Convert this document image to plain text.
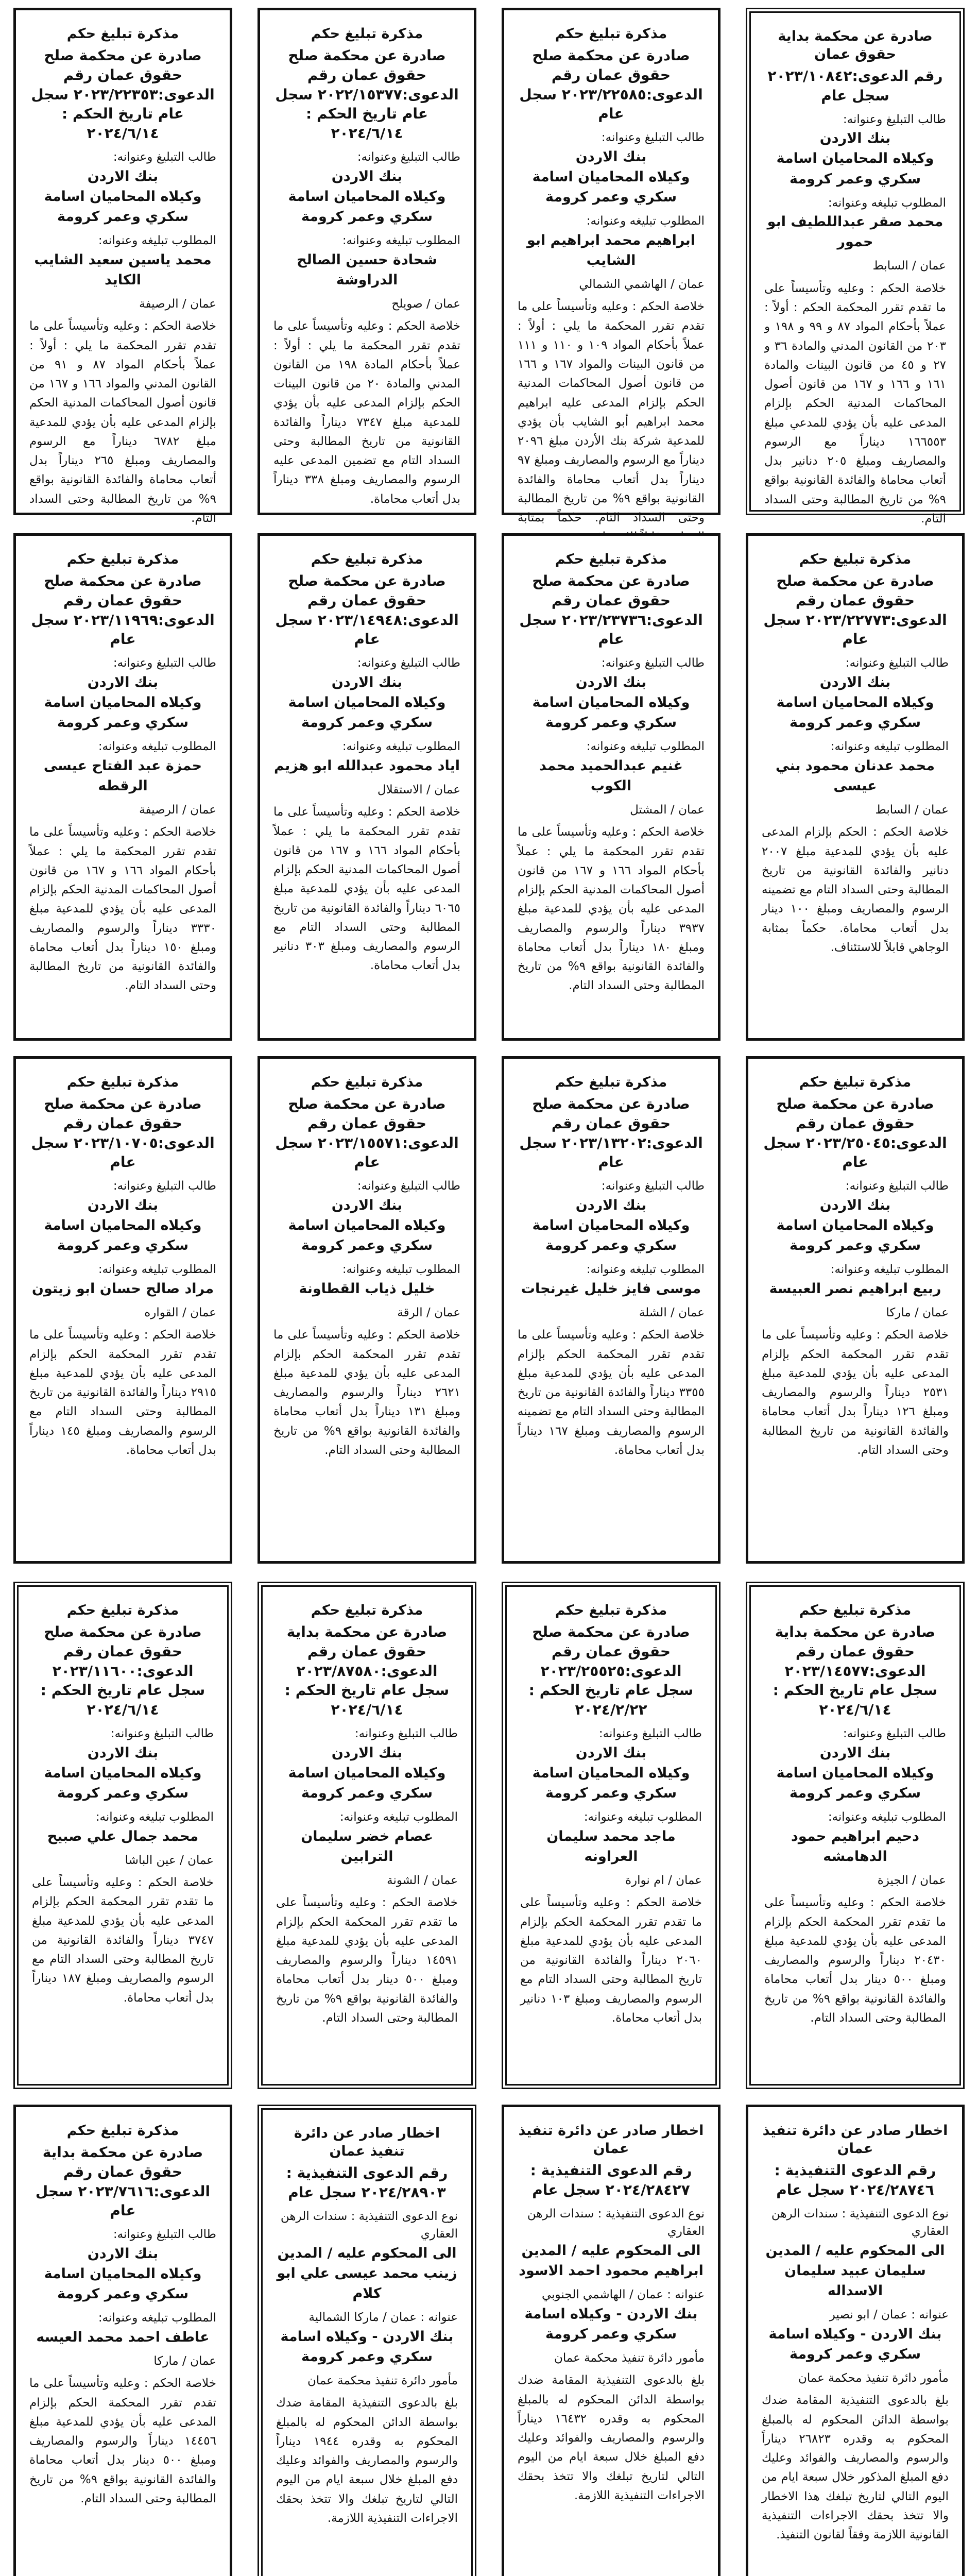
صادرة عن محكمة بداية حقوق عمان
رقم الدعوى:٢٠٢٣/١٠٨٤٢ سجل عام
طالب التبليغ وعنوانه:
بنك الاردن
وكيلاه المحاميان اسامة سكري وعمر كرومة
المطلوب تبليغه وعنوانه:
محمد صقر عبداللطيف ابو حمور
عمان / السابط
خلاصة الحكم : وعليه وتأسيساً على ما تقدم تقرر المحكمة الحكم : أولاً : عملاً بأحكام المواد ٨٧ و ٩٩ و ١٩٨ و ٢٠٣ من القانون المدني والمادة ٣٦ و ٢٧ و ٤٥ من قانون البينات والمادة ١٦١ و ١٦٦ و ١٦٧ من قانون أصول المحاكمات المدنية الحكم بإلزام المدعى عليه بأن يؤدي للمدعي مبلغ ١٦٦٥٥٣ ديناراً مع الرسوم والمصاريف ومبلغ ٢٠٥ دنانير بدل أتعاب محاماة والفائدة القانونية بواقع ٩% من تاريخ المطالبة وحتى السداد التام.
مذكرة تبليغ حكم
صادرة عن محكمة صلح حقوق عمان رقم الدعوى:٢٠٢٣/٢٢٥٨٥ سجل عام
طالب التبليغ وعنوانه:
بنك الاردن
وكيلاه المحاميان اسامة سكري وعمر كرومة
المطلوب تبليغه وعنوانه:
ابراهيم محمد ابراهيم ابو الشايب
عمان / الهاشمي الشمالي
خلاصة الحكم : وعليه وتأسيساً على ما تقدم تقرر المحكمة ما يلي : أولاً : عملاً بأحكام المواد ١٠٩ و ١١٠ و ١١١ من قانون البينات والمواد ١٦٧ و ١٦٦ من قانون أصول المحاكمات المدنية الحكم بإلزام المدعى عليه ابراهيم محمد ابراهيم أبو الشايب بأن يؤدي للمدعية شركة بنك الأردن مبلغ ٢٠٩٦ ديناراً مع الرسوم والمصاريف ومبلغ ٩٧ ديناراً بدل أتعاب محاماة والفائدة القانونية بواقع ٩% من تاريخ المطالبة وحتى السداد التام. حكماً بمثابة
مذكرة تبليغ حكم
صادرة عن محكمة صلح حقوق عمان رقم الدعوى:٢٠٢٢/١٥٣٧٧ سجل عام تاريخ الحكم : ٢٠٢٤/٦/١٤
طالب التبليغ وعنوانه:
بنك الاردن
وكيلاه المحاميان اسامة سكري وعمر كرومة
المطلوب تبليغه وعنوانه:
شحادة حسين الصالح الدراوشة
عمان / صويلح
خلاصة الحكم : وعليه وتأسيساً على ما تقدم تقرر المحكمة ما يلي : أولاً : عملاً بأحكام المادة ١٩٨ من القانون المدني والمادة ٢٠ من قانون البينات الحكم بإلزام المدعى عليه بأن يؤدي للمدعية مبلغ ٧٣٤٧ ديناراً والفائدة القانونية من تاريخ المطالبة وحتى السداد التام مع تضمين المدعى عليه الرسوم والمصاريف ومبلغ ٣٣٨ ديناراً بدل أتعاب محاماة.
مذكرة تبليغ حكم
صادرة عن محكمة صلح حقوق عمان رقم الدعوى:٢٠٢٣/٢٢٣٥٣ سجل عام تاريخ الحكم : ٢٠٢٤/٦/١٤
طالب التبليغ وعنوانه:
بنك الاردن
وكيلاه المحاميان اسامة سكري وعمر كرومة
المطلوب تبليغه وعنوانه:
محمد ياسين سعيد الشايب الكايد
عمان / الرصيفة
خلاصة الحكم : وعليه وتأسيساً على ما تقدم تقرر المحكمة ما يلي : أولاً : عملاً بأحكام المواد ٨٧ و ٩١ من القانون المدني والمواد ١٦٦ و ١٦٧ من قانون أصول المحاكمات المدنية الحكم بإلزام المدعى عليه بأن يؤدي للمدعية مبلغ ٦٧٨٢ ديناراً مع الرسوم والمصاريف ومبلغ ٢٦٥ ديناراً بدل أتعاب محاماة والفائدة القانونية بواقع ٩% من تاريخ المطالبة وحتى السداد التام.
مذكرة تبليغ حكم
صادرة عن محكمة صلح حقوق عمان رقم الدعوى:٢٠٢٣/٢٢٧٧٣ سجل عام
طالب التبليغ وعنوانه:
بنك الاردن
وكيلاه المحاميان اسامة سكري وعمر كرومة
المطلوب تبليغه وعنوانه:
محمد عدنان محمود بني عيسى
عمان / السابط
خلاصة الحكم : الحكم بإلزام المدعى عليه بأن يؤدي للمدعية مبلغ ٢٠٠٧ دنانير والفائدة القانونية من تاريخ المطالبة وحتى السداد التام مع تضمينه الرسوم والمصاريف ومبلغ ١٠٠ دينار بدل أتعاب محاماة. حكماً بمثابة الوجاهي قابلاً للاستئناف.
مذكرة تبليغ حكم
صادرة عن محكمة صلح حقوق عمان رقم الدعوى:٢٠٢٣/٢٣٧٣٦ سجل عام
طالب التبليغ وعنوانه:
بنك الاردن
وكيلاه المحاميان اسامة سكري وعمر كرومة
المطلوب تبليغه وعنوانه:
غنيم عبدالحميد محمد الكوب
عمان / المشتل
خلاصة الحكم : وعليه وتأسيساً على ما تقدم تقرر المحكمة ما يلي : عملاً بأحكام المواد ١٦٦ و ١٦٧ من قانون أصول المحاكمات المدنية الحكم بإلزام المدعى عليه بأن يؤدي للمدعية مبلغ ٣٩٣٧ ديناراً والرسوم والمصاريف ومبلغ ١٨٠ ديناراً بدل أتعاب محاماة والفائدة القانونية بواقع ٩% من تاريخ المطالبة وحتى السداد التام.
مذكرة تبليغ حكم
صادرة عن محكمة صلح حقوق عمان رقم الدعوى:٢٠٢٣/١٤٩٤٨ سجل عام
طالب التبليغ وعنوانه:
بنك الاردن
وكيلاه المحاميان اسامة سكري وعمر كرومة
المطلوب تبليغه وعنوانه:
اياد محمود عبدالله ابو هزيم
عمان / الاستقلال
خلاصة الحكم : وعليه وتأسيساً على ما تقدم تقرر المحكمة ما يلي : عملاً بأحكام المواد ١٦٦ و ١٦٧ من قانون أصول المحاكمات المدنية الحكم بإلزام المدعى عليه بأن يؤدي للمدعية مبلغ ٦٠٦٥ ديناراً والفائدة القانونية من تاريخ المطالبة وحتى السداد التام مع الرسوم والمصاريف ومبلغ ٣٠٣ دنانير بدل أتعاب محاماة.
مذكرة تبليغ حكم
صادرة عن محكمة صلح حقوق عمان رقم الدعوى:٢٠٢٣/١١٩٦٩ سجل عام
طالب التبليغ وعنوانه:
بنك الاردن
وكيلاه المحاميان اسامة سكري وعمر كرومة
المطلوب تبليغه وعنوانه:
حمزة عبد الفتاح عيسى الرقطه
عمان / الرصيفة
خلاصة الحكم : وعليه وتأسيساً على ما تقدم تقرر المحكمة ما يلي : عملاً بأحكام المواد ١٦٦ و ١٦٧ من قانون أصول المحاكمات المدنية الحكم بإلزام المدعى عليه بأن يؤدي للمدعية مبلغ ٣٣٣٠ ديناراً والرسوم والمصاريف ومبلغ ١٥٠ ديناراً بدل أتعاب محاماة والفائدة القانونية من تاريخ المطالبة وحتى السداد التام.
مذكرة تبليغ حكم
صادرة عن محكمة صلح حقوق عمان رقم الدعوى:٢٠٢٣/٢٥٠٤٥ سجل عام
طالب التبليغ وعنوانه:
بنك الاردن
وكيلاه المحاميان اسامة سكري وعمر كرومة
المطلوب تبليغه وعنوانه:
ربيع ابراهيم نصر العبيسة
عمان / ماركا
خلاصة الحكم : وعليه وتأسيساً على ما تقدم تقرر المحكمة الحكم بإلزام المدعى عليه بأن يؤدي للمدعية مبلغ ٢٥٣١ ديناراً والرسوم والمصاريف ومبلغ ١٢٦ ديناراً بدل أتعاب محاماة والفائدة القانونية من تاريخ المطالبة وحتى السداد التام.
مذكرة تبليغ حكم
صادرة عن محكمة صلح حقوق عمان رقم الدعوى:٢٠٢٣/١٣٢٠٢ سجل عام
طالب التبليغ وعنوانه:
بنك الاردن
وكيلاه المحاميان اسامة سكري وعمر كرومة
المطلوب تبليغه وعنوانه:
موسى فايز خليل غيرنجات
عمان / الشلة
خلاصة الحكم : وعليه وتأسيساً على ما تقدم تقرر المحكمة الحكم بإلزام المدعى عليه بأن يؤدي للمدعية مبلغ ٣٣٥٥ ديناراً والفائدة القانونية من تاريخ المطالبة وحتى السداد التام مع تضمينه الرسوم والمصاريف ومبلغ ١٦٧ ديناراً بدل أتعاب محاماة.
مذكرة تبليغ حكم
صادرة عن محكمة صلح حقوق عمان رقم الدعوى:٢٠٢٣/١٥٥٧١ سجل عام
طالب التبليغ وعنوانه:
بنك الاردن
وكيلاه المحاميان اسامة سكري وعمر كرومة
المطلوب تبليغه وعنوانه:
خليل ذياب القطاونة
عمان / الرقة
خلاصة الحكم : وعليه وتأسيساً على ما تقدم تقرر المحكمة الحكم بإلزام المدعى عليه بأن يؤدي للمدعية مبلغ ٢٦٢١ ديناراً والرسوم والمصاريف ومبلغ ١٣١ ديناراً بدل أتعاب محاماة والفائدة القانونية بواقع ٩% من تاريخ المطالبة وحتى السداد التام.
مذكرة تبليغ حكم
صادرة عن محكمة صلح حقوق عمان رقم الدعوى:٢٠٢٣/١٠٧٠٥ سجل عام
طالب التبليغ وعنوانه:
بنك الاردن
وكيلاه المحاميان اسامة سكري وعمر كرومة
المطلوب تبليغه وعنوانه:
مراد صالح حسان ابو زيتون
عمان / القواره
خلاصة الحكم : وعليه وتأسيساً على ما تقدم تقرر المحكمة الحكم بإلزام المدعى عليه بأن يؤدي للمدعية مبلغ ٢٩١٥ ديناراً والفائدة القانونية من تاريخ المطالبة وحتى السداد التام مع الرسوم والمصاريف ومبلغ ١٤٥ ديناراً بدل أتعاب محاماة.
مذكرة تبليغ حكم
صادرة عن محكمة بداية حقوق عمان رقم الدعوى:٢٠٢٣/١٤٥٧٧ سجل عام تاريخ الحكم : ٢٠٢٤/٦/١٤
طالب التبليغ وعنوانه:
بنك الاردن
وكيلاه المحاميان اسامة سكري وعمر كرومة
المطلوب تبليغه وعنوانه:
دحيم ابراهيم حمود الدهامشه
عمان / الجيزة
خلاصة الحكم : وعليه وتأسيساً على ما تقدم تقرر المحكمة الحكم بإلزام المدعى عليه بأن يؤدي للمدعية مبلغ ٢٠٤٣٠ ديناراً والرسوم والمصاريف ومبلغ ٥٠٠ دينار بدل أتعاب محاماة والفائدة القانونية بواقع ٩% من تاريخ المطالبة وحتى السداد التام.
مذكرة تبليغ حكم
صادرة عن محكمة صلح حقوق عمان رقم الدعوى:٢٠٢٣/٢٥٥٢٥ سجل عام تاريخ الحكم : ٢٠٢٤/٢/٢٢
طالب التبليغ وعنوانه:
بنك الاردن
وكيلاه المحاميان اسامة سكري وعمر كرومة
المطلوب تبليغه وعنوانه:
ماجد محمد سليمان العراونه
عمان / ام نوارة
خلاصة الحكم : وعليه وتأسيساً على ما تقدم تقرر المحكمة الحكم بإلزام المدعى عليه بأن يؤدي للمدعية مبلغ ٢٠٦٠ ديناراً والفائدة القانونية من تاريخ المطالبة وحتى السداد التام مع الرسوم والمصاريف ومبلغ ١٠٣ دنانير بدل أتعاب محاماة.
مذكرة تبليغ حكم
صادرة عن محكمة بداية حقوق عمان رقم الدعوى:٢٠٢٣/٨٧٥٨٠ سجل عام تاريخ الحكم : ٢٠٢٤/٦/١٤
طالب التبليغ وعنوانه:
بنك الاردن
وكيلاه المحاميان اسامة سكري وعمر كرومة
المطلوب تبليغه وعنوانه:
عصام خضر سليمان الترابين
عمان / الشونة
خلاصة الحكم : وعليه وتأسيساً على ما تقدم تقرر المحكمة الحكم بإلزام المدعى عليه بأن يؤدي للمدعية مبلغ ١٤٥٩١ ديناراً والرسوم والمصاريف ومبلغ ٥٠٠ دينار بدل أتعاب محاماة والفائدة القانونية بواقع ٩% من تاريخ المطالبة وحتى السداد التام.
مذكرة تبليغ حكم
صادرة عن محكمة صلح حقوق عمان رقم الدعوى:٢٠٢٣/١١٦٠٠ سجل عام تاريخ الحكم : ٢٠٢٤/٦/١٤
طالب التبليغ وعنوانه:
بنك الاردن
وكيلاه المحاميان اسامة سكري وعمر كرومة
المطلوب تبليغه وعنوانه:
محمد جمال علي صبيح
عمان / عين الباشا
خلاصة الحكم : وعليه وتأسيساً على ما تقدم تقرر المحكمة الحكم بإلزام المدعى عليه بأن يؤدي للمدعية مبلغ ٣٧٤٧ ديناراً والفائدة القانونية من تاريخ المطالبة وحتى السداد التام مع الرسوم والمصاريف ومبلغ ١٨٧ ديناراً بدل أتعاب محاماة.
اخطار صادر عن دائرة تنفيذ عمان
رقم الدعوى التنفيذية : ٢٠٢٤/٢٨٧٤٦ سجل عام
نوع الدعوى التنفيذية : سندات الرهن العقاري
الى المحكوم عليه / المدين
سليمان عبيد سليمان الاسداله
عنوانه : عمان / ابو نصير
بنك الاردن - وكيلاه اسامة سكري وعمر كرومة
مأمور دائرة تنفيذ محكمة عمان
بلغ بالدعوى التنفيذية المقامة ضدك بواسطة الدائن المحكوم له بالمبلغ المحكوم به وقدره ٢٦٨٢٣ ديناراً والرسوم والمصاريف والفوائد وعليك دفع المبلغ المذكور خلال سبعة ايام من اليوم التالي لتاريخ تبلغك هذا الاخطار والا تتخذ بحقك الاجراءات التنفيذية القانونية اللازمة وفقاً لقانون التنفيذ.
اخطار صادر عن دائرة تنفيذ عمان
رقم الدعوى التنفيذية : ٢٠٢٤/٢٨٤٢٧ سجل عام
نوع الدعوى التنفيذية : سندات الرهن العقاري
الى المحكوم عليه / المدين
ابراهيم محمود احمد الاسود
عنوانه : عمان / الهاشمي الجنوبي
بنك الاردن - وكيلاه اسامة سكري وعمر كرومة
مأمور دائرة تنفيذ محكمة عمان
بلغ بالدعوى التنفيذية المقامة ضدك بواسطة الدائن المحكوم له بالمبلغ المحكوم به وقدره ١٦٤٣٢ ديناراً والرسوم والمصاريف والفوائد وعليك دفع المبلغ خلال سبعة ايام من اليوم التالي لتاريخ تبلغك والا تتخذ بحقك الاجراءات التنفيذية اللازمة.
اخطار صادر عن دائرة تنفيذ عمان
رقم الدعوى التنفيذية : ٢٠٢٤/٢٨٩٠٣ سجل عام
نوع الدعوى التنفيذية : سندات الرهن العقاري
الى المحكوم عليه / المدين
زينب محمد عيسى علي ابو كلام
عنوانه : عمان / ماركا الشمالية
بنك الاردن - وكيلاه اسامة سكري وعمر كرومة
مأمور دائرة تنفيذ محكمة عمان
بلغ بالدعوى التنفيذية المقامة ضدك بواسطة الدائن المحكوم له بالمبلغ المحكوم به وقدره ١٩٤٤ ديناراً والرسوم والمصاريف والفوائد وعليك دفع المبلغ خلال سبعة ايام من اليوم التالي لتاريخ تبلغك والا تتخذ بحقك الاجراءات التنفيذية اللازمة.
مذكرة تبليغ حكم
صادرة عن محكمة بداية حقوق عمان رقم الدعوى:٢٠٢٣/٧٦١٦ سجل عام
طالب التبليغ وعنوانه:
بنك الاردن
وكيلاه المحاميان اسامة سكري وعمر كرومة
المطلوب تبليغه وعنوانه:
عاطف احمد محمد العيسه
عمان / ماركا
خلاصة الحكم : وعليه وتأسيساً على ما تقدم تقرر المحكمة الحكم بإلزام المدعى عليه بأن يؤدي للمدعية مبلغ ١٤٤٥٦ ديناراً والرسوم والمصاريف ومبلغ ٥٠٠ دينار بدل أتعاب محاماة والفائدة القانونية بواقع ٩% من تاريخ المطالبة وحتى السداد التام.
